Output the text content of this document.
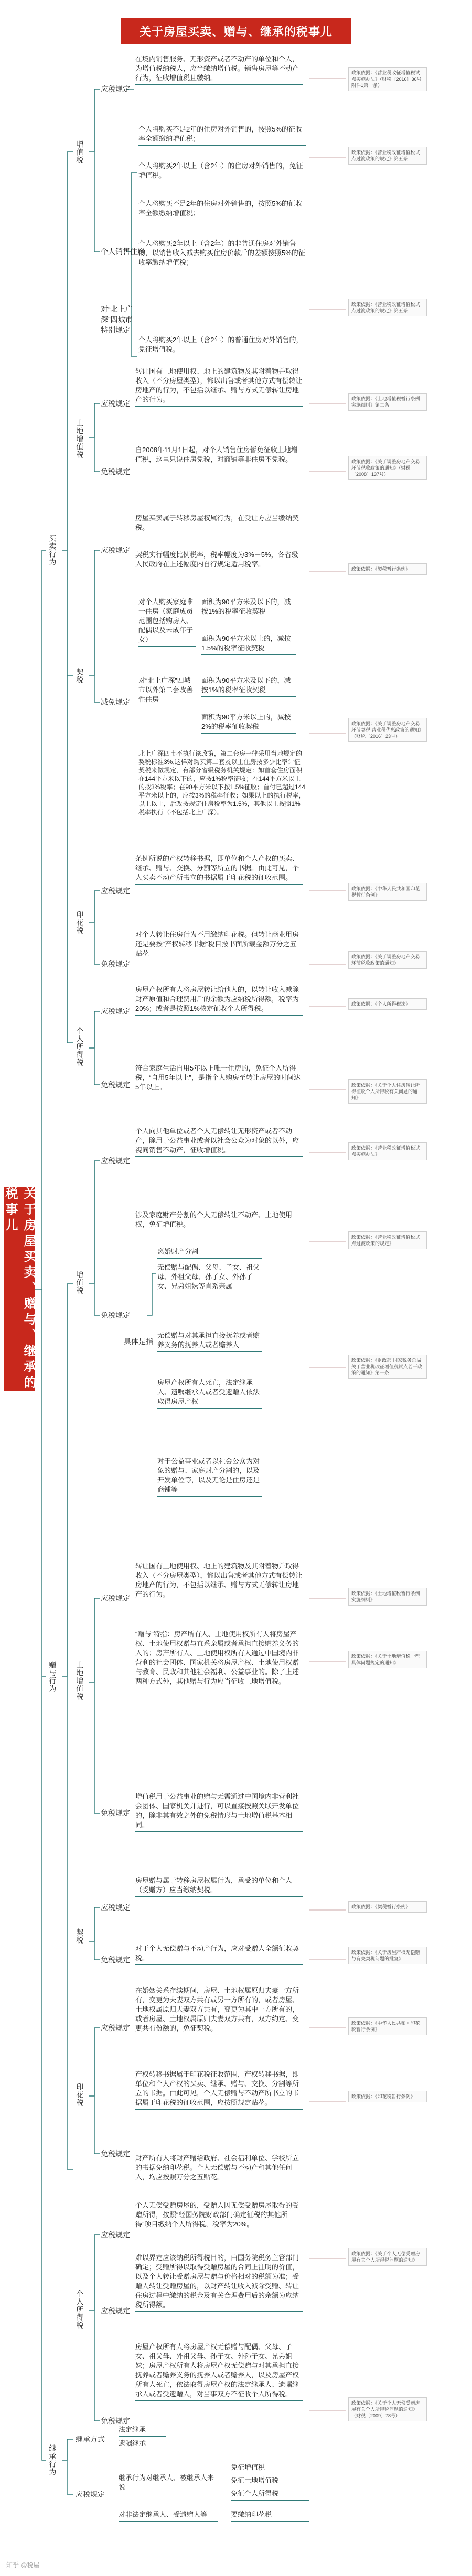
关于房屋买卖、赠与、继承的税事儿
关于房屋买卖、赠与、继承的税事儿
买卖行为
赠与行为
继承行为
增值税
土地增值税
契税
印花税
个人所得税
应税规定
在境内销售服务、无形资产或者不动产的单位和个人，为增值税纳税人，应当缴纳增值税。销售房屋等不动产行为，征收增值税且缴纳。
个人销售住房
个人将购买不足2年的住房对外销售的，按照5%的征收率全额缴纳增值税；
个人将购买2年以上（含2年）的住房对外销售的，免征增值税。
对“北上广深”四城市特别规定
个人将购买不足2年的住房对外销售的，按照5%的征收率全额缴纳增值税；
个人将购买2年以上（含2年）的非普通住房对外销售的，以销售收入减去购买住房价款后的差额按照5%的征收率缴纳增值税；
个人将购买2年以上（含2年）的普通住房对外销售的，免征增值税。
应税规定
转让国有土地使用权、地上的建筑物及其附着物并取得收入（不分房屋类型），都以出售或者其他方式有偿转让房地产的行为，不包括以继承、赠与方式无偿转让房地产的行为。
免税规定
自2008年11月1日起，对个人销售住房暂免征收土地增值税，这里只说住房免税，对商铺等非住房不免税。
应税规定
房屋买卖属于转移房屋权属行为，在受让方应当缴纳契税。
契税实行幅度比例税率，税率幅度为3%－5%，各省级人民政府在上述幅度内自行规定适用税率。
减免规定
对个人购买家庭唯一住房（家庭成员范围包括购房人、配偶以及未成年子女）
面积为90平方米及以下的，减按1%的税率征收契税
面积为90平方米以上的，减按1.5%的税率征收契税
对“北上广深”四城市以外第二套改善性住房
面积为90平方米及以下的，减按1%的税率征收契税
面积为90平方米以上的，减按2%的税率征收契税
北上广深四市不执行该政策，第二套房一律采用当地规定的契税标准3%,这样对购买第二套及以上住房按多少比率计征契税来做规定，有部分省级税务机关规定：如首套住房面积在144平方米以下的，应按1%税率征收；在144平方米以上的按3%税率；在90平方米以下按1.5%征收；首付已超过144平方米以上的，应按3%的税率征收；如果以上的执行税率，以上以上，后改按规定住房税率为1.5%，其他以上按照1%税率执行（不包括北上广深）。
应税规定
条例所说的产权转移书据，即单位和个人产权的买卖、继承、赠与、交换、分割等所立的书据。由此可见，个人买卖不动产所书立的书据属于印花税的征收范围。
免税规定
对个人转让住房行为不用缴纳印花税。但转让商业用房还是要按“产权转移书据”税目按书面所载金额万分之五贴花
应税规定
房屋产权所有人将房屋转让给他人的，以转让收入减除财产原值和合理费用后的余额为应纳税所得额，税率为20%；或者是按照1%核定征收个人所得税。
免税规定
符合家庭生活自用5年以上唯一住房的，免征个人所得税，“自用5年以上”，是指个人购房至转让房屋的时间达5年以上。
增值税
土地增值税
契税
印花税
个人所得税
应税规定
个人向其他单位或者个人无偿转让无形资产或者不动产，除用于公益事业或者以社会公众为对象的以外，应视同销售不动产，征收增值税。
免税规定
涉及家庭财产分割的个人无偿转让不动产、土地使用权，免征增值税。
具体是指
离婚财产分割
无偿赠与配偶、父母、子女、祖父母、外祖父母、孙子女、外孙子女、兄弟姐妹等直系亲属
无偿赠与对其承担直接抚养或者赡养义务的抚养人或者赡养人
房屋产权所有人死亡，法定继承人、遗嘱继承人或者受遗赠人依法取得房屋产权
对于公益事业或者以社会公众为对象的赠与、家庭财产分割的，以及开发单位等，以及无论是住房还是商铺等
应税规定
转让国有土地使用权、地上的建筑物及其附着物并取得收入（不分房屋类型），都以出售或者其他方式有偿转让房地产的行为，不包括以继承、赠与方式无偿转让房地产的行为。
免税规定
“赠与”特指：房产所有人、土地使用权所有人将房屋产权、土地使用权赠与直系亲属或者承担直接赡养义务的人的；房产所有人、土地使用权所有人通过中国境内非营利的社会团体、国家机关将房屋产权、土地使用权赠与教育、民政和其他社会福利、公益事业的。除了上述两种方式外，其他赠与行为应当征收土地增值税。
增值税用于公益事业的赠与无需通过中国境内非营利社会团体、国家机关并进行，可以直接按照关联开发单位的，除非其有效之外的免税情形与土地增值税基本相同。
应税规定
房屋赠与属于转移房屋权属行为，承受的单位和个人（受赠方）应当缴纳契税。
免税规定
对于个人无偿赠与不动产行为，应对受赠人全额征收契税。
应税规定
在婚姻关系存续期间，房屋、土地权属原归夫妻一方所有，变更为夫妻双方共有或另一方所有的，或者房屋、土地权属原归夫妻双方共有，变更为其中一方所有的，或者房屋、土地权属原归夫妻双方共有，双方约定、变更共有份额的，免征契税。
免税规定
产权转移书据属于印花税征收范围，产权转移书据，即单位和个人产权的买卖、继承、赠与、交换、分割等所立的书据。由此可见，个人无偿赠与不动产所书立的书据属于印花税的征收范围，应按照规定贴花。
财产所有人将财产赠给政府、社会福利单位、学校所立的书据免纳印花税。个人无偿赠与不动产和其他任何人，均应按照万分之五贴花。
应税规定
个人无偿受赠房屋的，受赠人因无偿受赠房屋取得的受赠所得，按照“经国务院财政部门确定征税的其他所得”项目缴纳个人所得税，税率为20%。
应税规定
难以界定应该纳税所得税目的，由国务院税务主管部门确定；受赠所得以取得受赠房屋的合同上注明的价值，以及个人转让受赠房屋与赠与价格相对的税额为准；受赠人转让受赠房屋的，以财产转让收入减除受赠、转让住房过程中缴纳的税金及有关合理费用后的余额为应纳税所得额。
免税规定
房屋产权所有人将房屋产权无偿赠与配偶、父母、子女、祖父母、外祖父母、孙子女、外孙子女、兄弟姐妹；房屋产权所有人将房屋产权无偿赠与对其承担直接抚养或者赡养义务的抚养人或者赡养人，以及房屋产权所有人死亡，依法取得房屋产权的法定继承人、遗嘱继承人或者受遗赠人，对当事双方不征收个人所得税。
继承方式
法定继承
遗嘱继承
应税规定
继承行为对继承人、被继承人来说
免征增值税
免征土地增值税
免征个人所得税
对非法定继承人、受遗赠人等	要缴纳印花税
政策依据：《营业税改征增值税试点实施办法》（财税〔2016〕36号附件1第一条）
政策依据：《营业税改征增值税试点过渡政策的规定》第五条
政策依据：《营业税改征增值税试点过渡政策的规定》第五条
政策依据：《土地增值税暂行条例实施细则》第二条
政策依据：《关于调整房地产交易环节税收政策的通知》（财税〔2008〕137号）
政策依据：《契税暂行条例》
政策依据：《关于调整房地产交易环节契税 营业税优惠政策的通知》（财税〔2016〕23号）
政策依据：《中华人民共和国印花税暂行条例》
政策依据：《关于调整房地产交易环节税收政策的通知》
政策依据：《个人所得税法》
政策依据：《关于个人住房转让所得征收个人所得税有关问题的通知》
政策依据：《营业税改征增值税试点实施办法》
政策依据：《营业税改征增值税试点过渡政策的规定》
政策依据：《财政部 国家税务总局关于营业税改征增值税试点若干政策的通知》第一条
政策依据：《土地增值税暂行条例实施细则》
政策依据：《关于土地增值税一些具体问题规定的通知》
政策依据：《契税暂行条例》
政策依据：《关于房屋产权无偿赠与有关契税问题的批复》
政策依据：《中华人民共和国印花税暂行条例》
政策依据：《印花税暂行条例》
政策依据：《关于个人无偿受赠房屋有关个人所得税问题的通知》
政策依据：《关于个人无偿受赠房屋有关个人所得税问题的通知》（财税〔2009〕78号）
知乎 @税屋
